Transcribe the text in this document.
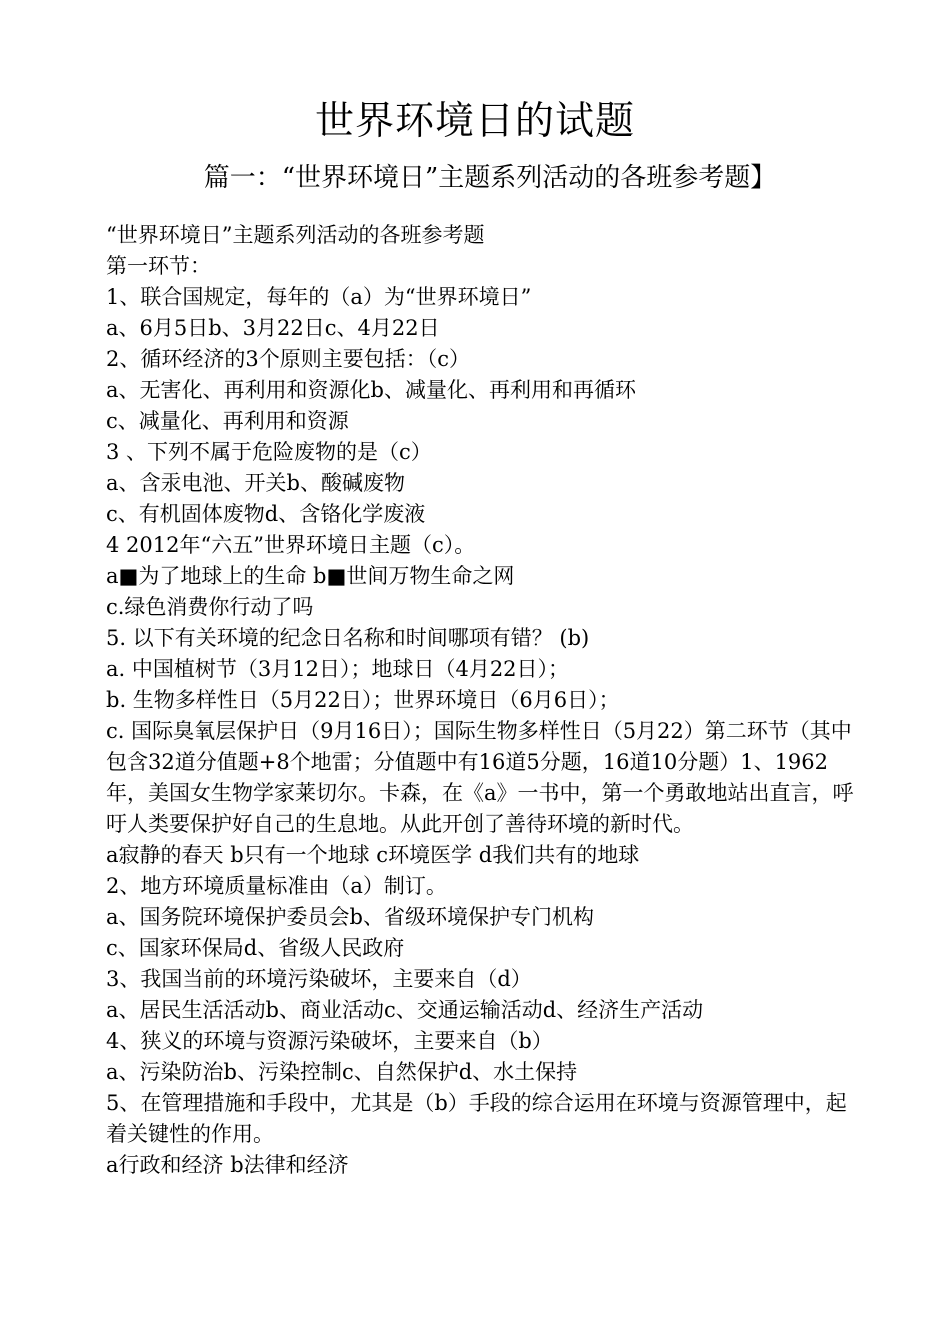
世界环境日的试题
篇一：“世界环境日”主题系列活动的各班参考题】
“世界环境日”主题系列活动的各班参考题
第一环节：
1、联合国规定，每年的（a）为“世界环境日”
a、6月5日b、3月22日c、4月22日
2、循环经济的3个原则主要包括：（c）
a、无害化、再利用和资源化b、减量化、再利用和再循环
c、减量化、再利用和资源
3 、下列不属于危险废物的是（c）
a、含汞电池、开关b、酸碱废物
c、有机固体废物d、含铬化学废液
4 2012年“六五”世界环境日主题（c）。
a■为了地球上的生命 b■世间万物生命之网
c.绿色消费你行动了吗
5. 以下有关环境的纪念日名称和时间哪项有错？ (b)
a. 中国植树节（3月12日）；地球日（4月22日）；
b. 生物多样性日（5月22日）；世界环境日（6月6日）；
c. 国际臭氧层保护日（9月16日）；国际生物多样性日（5月22）第二环节（其中包含32道分值题+8个地雷；分值题中有16道5分题，16道10分题）1、1962年，美国女生物学家莱切尔。卡森，在《a》一书中，第一个勇敢地站出直言，呼吁人类要保护好自己的生息地。从此开创了善待环境的新时代。
a寂静的春天 b只有一个地球 c环境医学 d我们共有的地球
2、地方环境质量标准由（a）制订。
a、国务院环境保护委员会b、省级环境保护专门机构
c、国家环保局d、省级人民政府
3、我国当前的环境污染破坏，主要来自（d）
a、居民生活活动b、商业活动c、交通运输活动d、经济生产活动
4、狭义的环境与资源污染破坏，主要来自（b）
a、污染防治b、污染控制c、自然保护d、水土保持
5、在管理措施和手段中，尤其是（b）手段的综合运用在环境与资源管理中，起着关键性的作用。
a行政和经济 b法律和经济
